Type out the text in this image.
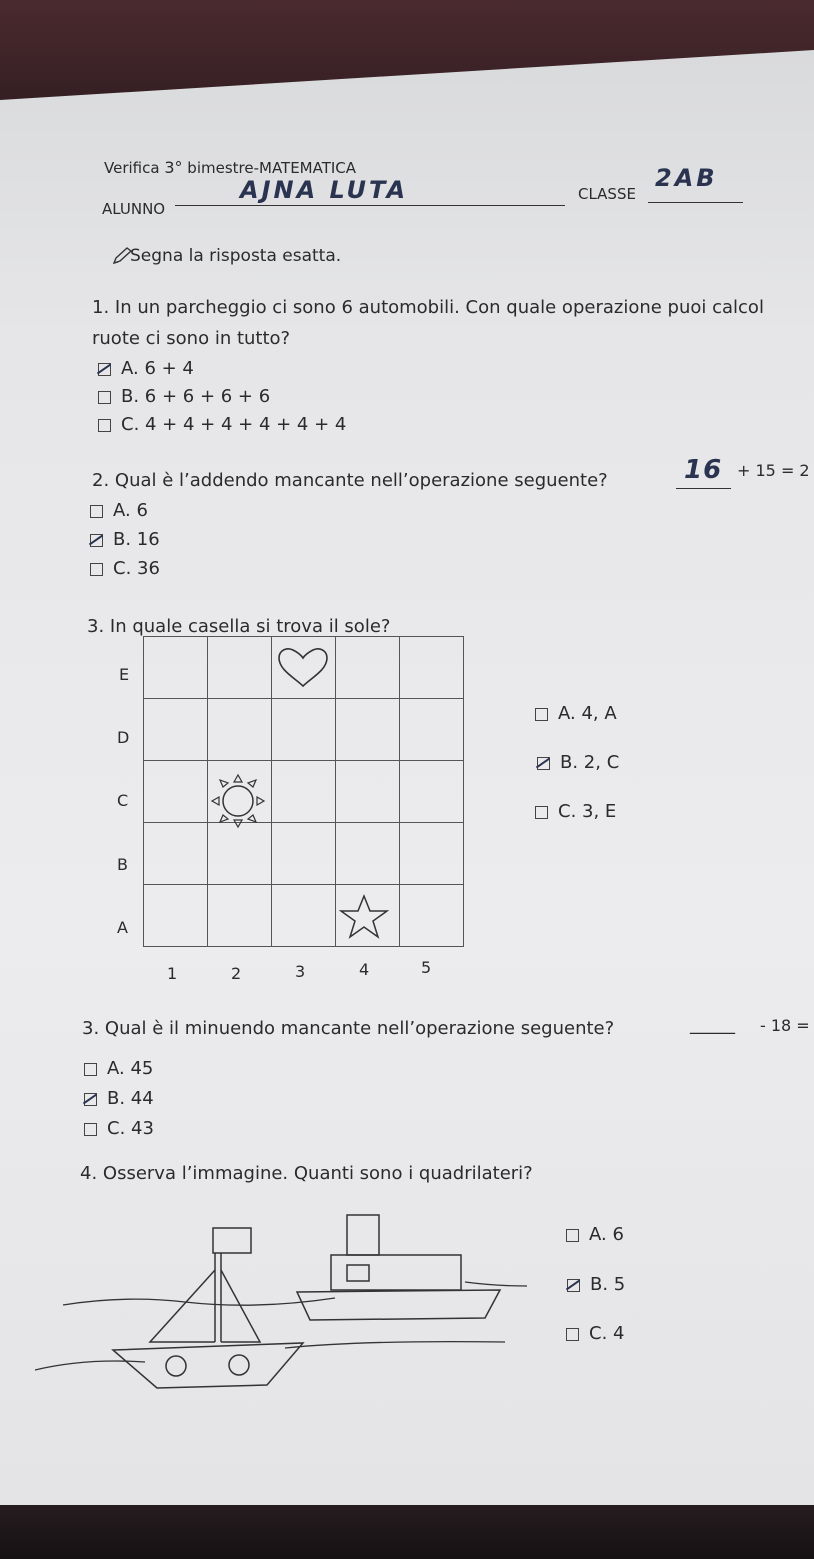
Verifica 3° bimestre-MATEMATICA
ALUNNO
AJNA LUTA	CLASSE
2AB
Segna la risposta esatta.
1. In un parcheggio ci sono 6 automobili. Con quale operazione puoi calcol
ruote ci sono in tutto?
A. 6 + 4
B. 6 + 6 + 6 + 6
C. 4 + 4 + 4 + 4 + 4 + 4
2. Qual è l’addendo mancante nell’operazione seguente?	16 + 15 = 2
A. 6
B. 16
C. 36
3. In quale casella si trova il sole?
E
D
C
B
A

1	2	3	4	5
A. 4, A
B. 2, C
C. 3, E
3. Qual è il minuendo mancante nell’operazione seguente?	_____ - 18 =
A. 45
B. 44
C. 43
4. Osserva l’immagine. Quanti sono i quadrilateri?
A. 6
B. 5
C. 4
